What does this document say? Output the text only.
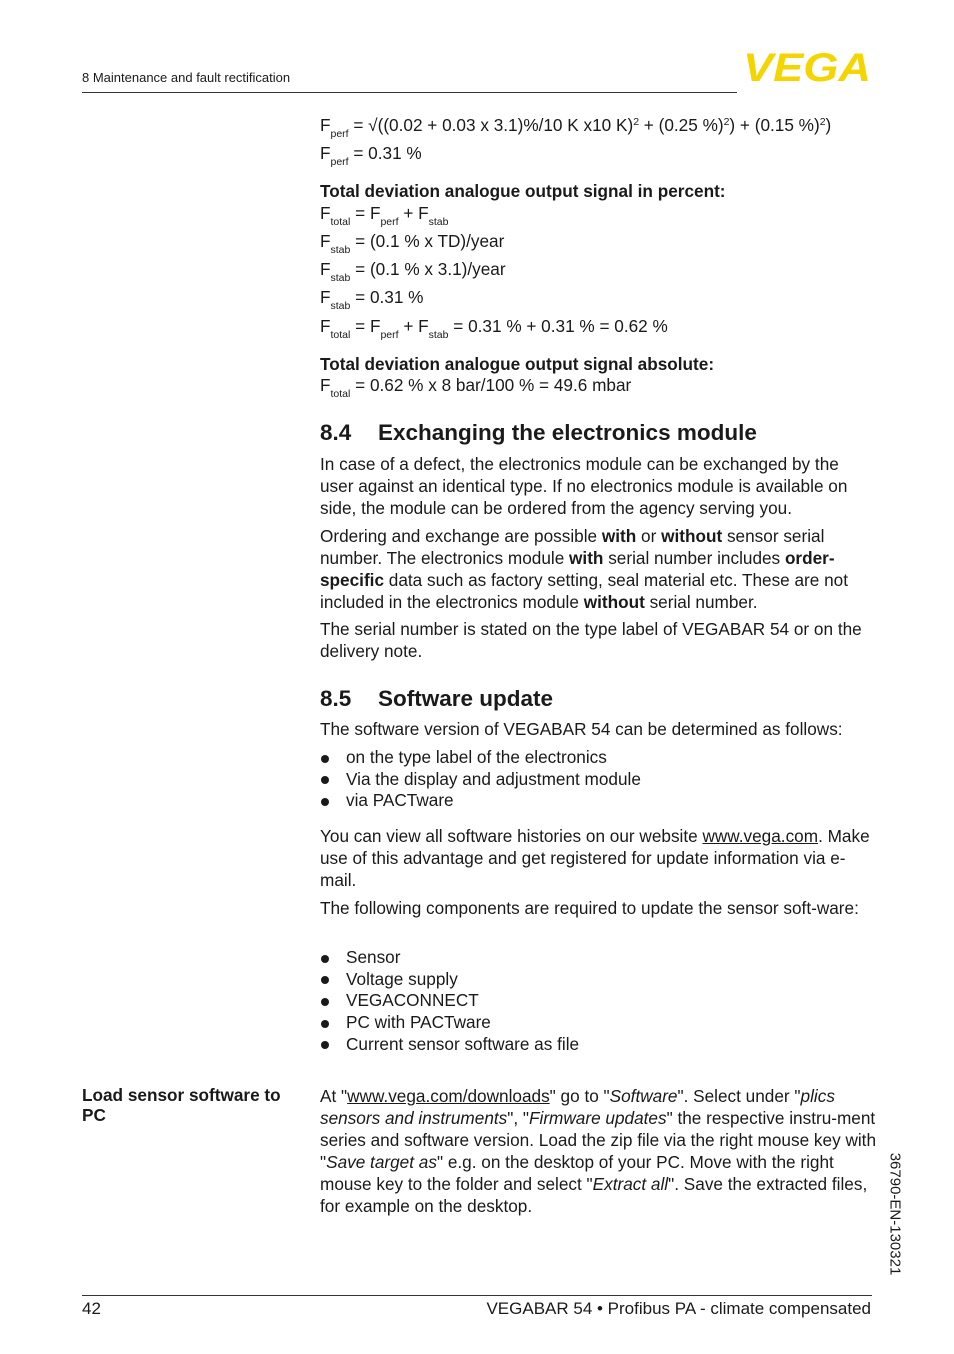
8 Maintenance and fault rectification	VEGA
$F_{perf} = √((0.02 + 0.03$ x 3.1)%/10 K x10 K)$^2$ + (0.25 %)$^2$) + (0.15 %)$^2$)
$F_{perf} = 0.31$ %
Total deviation analogue output signal in percent:
$F_{total} = F_{perf} + F_{stab}$
$F_{stab} = (0.1$ % x TD)/year
$F_{stab} = (0.1$ % x 3.1)/year
$F_{stab} = 0.31$ %
$F_{total} = F_{perf} + F_{stab} = 0.31$ % + 0.31 % = 0.62 %
Total deviation analogue output signal absolute:
$F_{total} = 0.62$ % x 8 bar/100 % = 49.6 mbar
8.4 Exchanging the electronics module

In case of a defect, the electronics module can be exchanged by the user against an identical type. If no electronics module is available on side, the module can be ordered from the agency serving you.

Ordering and exchange are possible with or without sensor serial number. The electronics module with serial number includes order-specific data such as factory setting, seal material etc. These are not included in the electronics module without serial number.

The serial number is stated on the type label of VEGABAR 54 or on the delivery note.

8.5 Software update

The software version of VEGABAR 54 can be determined as follows:

on the type label of the electronics
Via the display and adjustment module
via PACTware

You can view all software histories on our website www.vega.com. Make use of this advantage and get registered for update information via e-mail.

The following components are required to update the sensor soft-ware:

Sensor
Voltage supply
VEGACONNECT
PC with PACTware
Current sensor software as file
Load sensor software to PC

At "www.vega.com/downloads" go to "Software". Select under "plics sensors and instruments", "Firmware updates" the respective instru-ment series and software version. Load the zip file via the right mouse key with "Save target as" e.g. on the desktop of your PC. Move with the right mouse key to the folder and select "Extract all". Save the extracted files, for example on the desktop.	36790-EN-130321
42	VEGABAR 54 • Profibus PA - climate compensated
